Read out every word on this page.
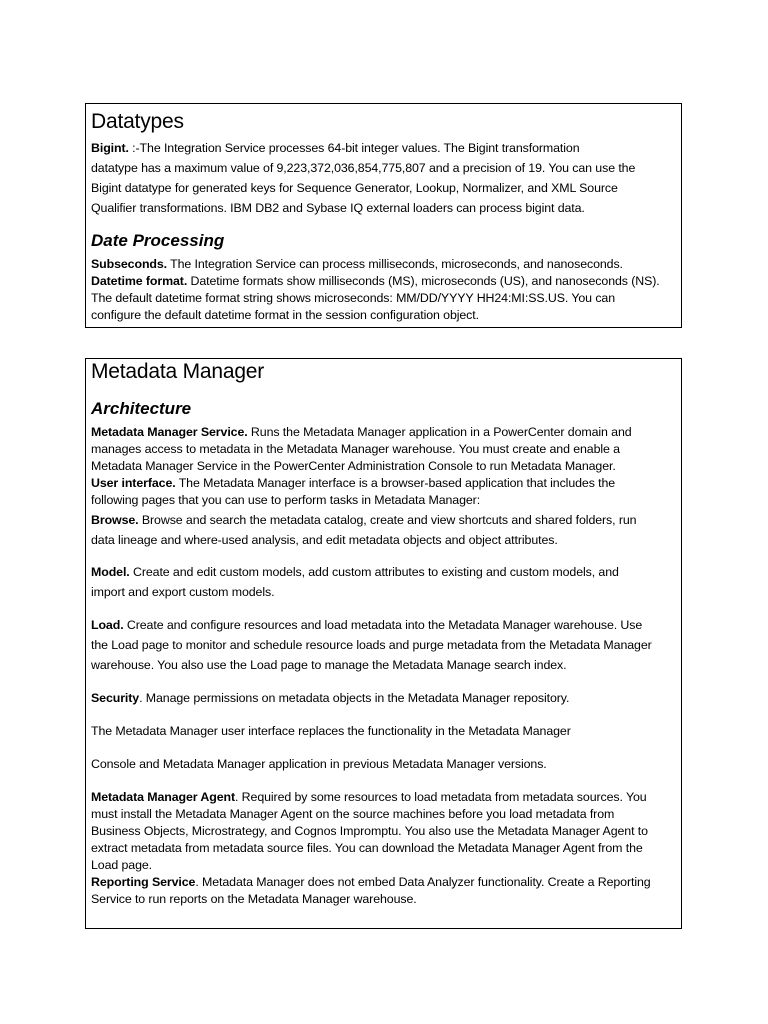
Datatypes
Bigint. :-The Integration Service processes 64-bit integer values. The Bigint transformation
datatype has a maximum value of 9,223,372,036,854,775,807 and a precision of 19. You can use the
Bigint datatype for generated keys for Sequence Generator, Lookup, Normalizer, and XML Source
Qualifier transformations. IBM DB2 and Sybase IQ external loaders can process bigint data.
Date Processing
Subseconds. The Integration Service can process milliseconds, microseconds, and nanoseconds.
Datetime format. Datetime formats show milliseconds (MS), microseconds (US), and nanoseconds (NS).
The default datetime format string shows microseconds: MM/DD/YYYY HH24:MI:SS.US. You can
configure the default datetime format in the session configuration object.
Metadata Manager
Architecture
Metadata Manager Service. Runs the Metadata Manager application in a PowerCenter domain and
manages access to metadata in the Metadata Manager warehouse. You must create and enable a
Metadata Manager Service in the PowerCenter Administration Console to run Metadata Manager.
User interface. The Metadata Manager interface is a browser-based application that includes the
following pages that you can use to perform tasks in Metadata Manager:
Browse. Browse and search the metadata catalog, create and view shortcuts and shared folders, run
data lineage and where-used analysis, and edit metadata objects and object attributes.
Model. Create and edit custom models, add custom attributes to existing and custom models, and
import and export custom models.
Load. Create and configure resources and load metadata into the Metadata Manager warehouse. Use
the Load page to monitor and schedule resource loads and purge metadata from the Metadata Manager
warehouse. You also use the Load page to manage the Metadata Manage search index.
Security. Manage permissions on metadata objects in the Metadata Manager repository.
The Metadata Manager user interface replaces the functionality in the Metadata Manager
Console and Metadata Manager application in previous Metadata Manager versions.
Metadata Manager Agent. Required by some resources to load metadata from metadata sources. You
must install the Metadata Manager Agent on the source machines before you load metadata from
Business Objects, Microstrategy, and Cognos Impromptu. You also use the Metadata Manager Agent to
extract metadata from metadata source files. You can download the Metadata Manager Agent from the
Load page.
Reporting Service. Metadata Manager does not embed Data Analyzer functionality. Create a Reporting
Service to run reports on the Metadata Manager warehouse.
